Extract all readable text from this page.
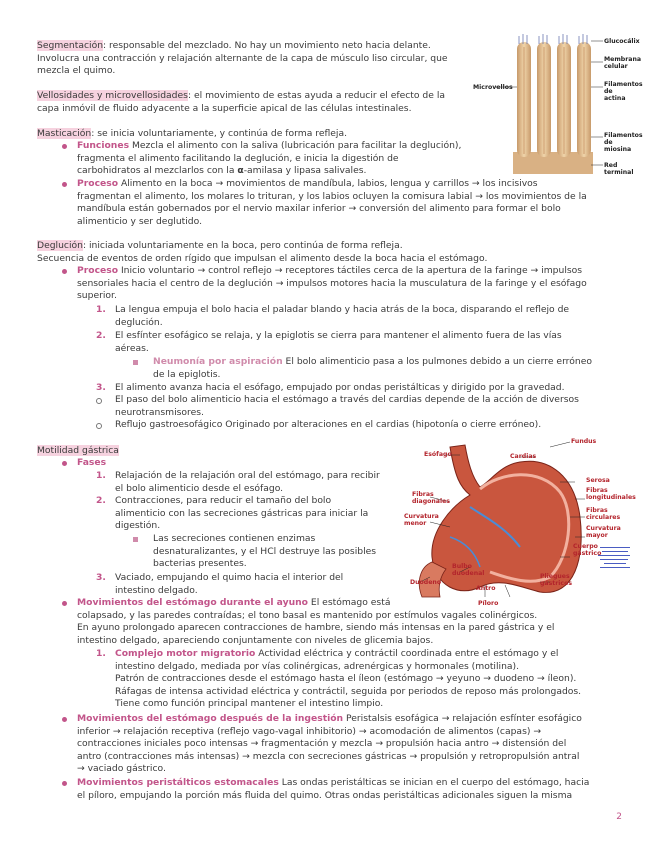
Segmentación: responsable del mezclado. No hay un movimiento neto hacia delante.
Involucra una contracción y relajación alternante de la capa de músculo liso circular, que
mezcla el quimo.
Vellosidades y microvellosidades: el movimiento de estas ayuda a reducir el efecto de la
capa inmóvil de fluido adyacente a la superficie apical de las células intestinales.
Glucocálix
Membrana celular
Microvellos	Filamentos de actina
Filamentos de miosina
Red terminal
Masticación: se inicia voluntariamente, y continúa de forma refleja.
Funciones Mezcla el alimento con la saliva (lubricación para facilitar la deglución),
fragmenta el alimento facilitando la deglución, e inicia la digestión de
carbohidratos al mezclarlos con la α-amilasa y lipasa salivales.
Proceso Alimento en la boca → movimientos de mandíbula, labios, lengua y carrillos → los incisivos
fragmentan el alimento, los molares lo trituran, y los labios ocluyen la comisura labial → los movimientos de la
mandíbula están gobernados por el nervio maxilar inferior → conversión del alimento para formar el bolo
alimenticio y ser deglutido.
Deglución: iniciada voluntariamente en la boca, pero continúa de forma refleja.
Secuencia de eventos de orden rígido que impulsan el alimento desde la boca hacia el estómago.
Proceso Inicio voluntario → control reflejo → receptores táctiles cerca de la apertura de la faringe → impulsos
sensoriales hacia el centro de la deglución → impulsos motores hacia la musculatura de la faringe y el esófago
superior.
1. La lengua empuja el bolo hacia el paladar blando y hacia atrás de la boca, disparando el reflejo de
deglución.
2. El esfínter esofágico se relaja, y la epiglotis se cierra para mantener el alimento fuera de las vías
aéreas.
Neumonía por aspiración El bolo alimenticio pasa a los pulmones debido a un cierre erróneo
de la epiglotis.
3. El alimento avanza hacia el esófago, empujado por ondas peristálticas y dirigido por la gravedad.
El paso del bolo alimenticio hacia el estómago a través del cardias depende de la acción de diversos
neurotransmisores.
Reflujo gastroesofágico Originado por alteraciones en el cardias (hipotonía o cierre erróneo).
Motilidad gástrica
Fases
1. Relajación de la relajación oral del estómago, para recibir
el bolo alimenticio desde el esófago.
2. Contracciones, para reducir el tamaño del bolo
alimenticio con las secreciones gástricas para iniciar la
digestión.
Las secreciones contienen enzimas
desnaturalizantes, y el HCl destruye las posibles
bacterias presentes.
3. Vaciado, empujando el quimo hacia el interior del
intestino delgado.
Fundus
Esófago	Cardias
Serosa
Fibras longitudinales
Fibras circulares
Fibras diagonales
Curvatura menor
Curvatura mayor
Cuerpo gástrico
Bulbo duodenal
Duodeno
Antro
Pliegues gástricos
Píloro
Movimientos del estómago durante el ayuno El estómago está
colapsado, y las paredes contraídas; el tono basal es mantenido por estímulos vagales colinérgicos.
En ayuno prolongado aparecen contracciones de hambre, siendo más intensas en la pared gástrica y el
intestino delgado, apareciendo conjuntamente con niveles de glicemia bajos.
1. Complejo motor migratorio Actividad eléctrica y contráctil coordinada entre el estómago y el
intestino delgado, mediada por vías colinérgicas, adrenérgicas y hormonales (motilina).
Patrón de contracciones desde el estómago hasta el íleon (estómago → yeyuno → duodeno → íleon).
Ráfagas de intensa actividad eléctrica y contráctil, seguida por periodos de reposo más prolongados.
Tiene como función principal mantener el intestino limpio.
Movimientos del estómago después de la ingestión Peristalsis esofágica → relajación esfínter esofágico
inferior → relajación receptiva (reflejo vago-vagal inhibitorio) → acomodación de alimentos (capas) →
contracciones iniciales poco intensas → fragmentación y mezcla → propulsión hacia antro → distensión del
antro (contracciones más intensas) → mezcla con secreciones gástricas → propulsión y retropropulsión antral
→ vaciado gástrico.
Movimientos peristálticos estomacales Las ondas peristálticas se inician en el cuerpo del estómago, hacia
el píloro, empujando la porción más fluida del quimo. Otras ondas peristálticas adicionales siguen la misma
2
